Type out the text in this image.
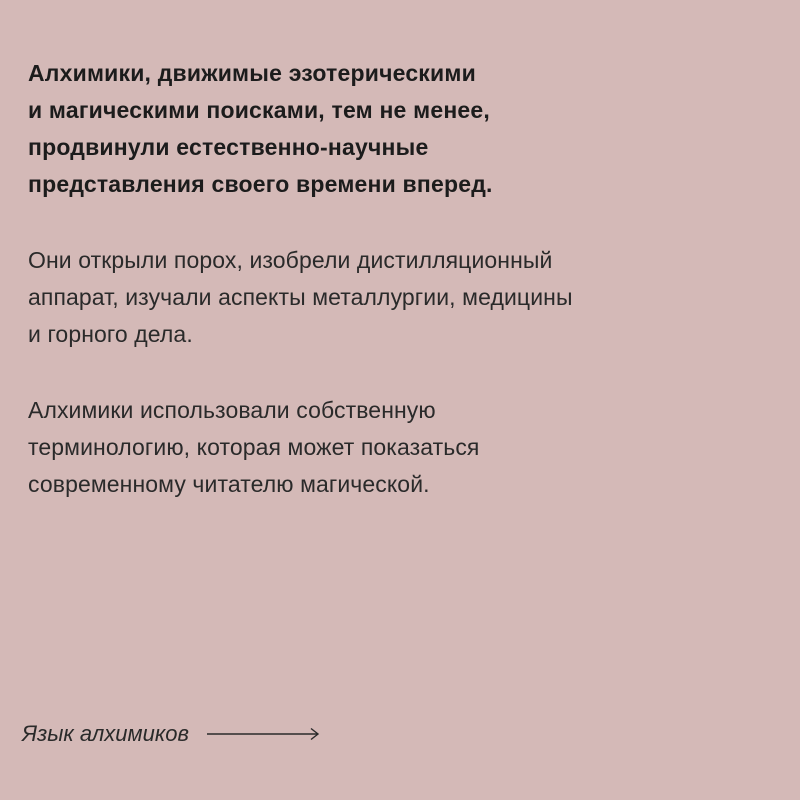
Алхимики, движимые эзотерическими
и магическими поисками, тем не менее,
продвинули естественно-научные
представления своего времени вперед.

Они открыли порох, изобрели дистилляционный
аппарат, изучали аспекты металлургии, медицины
и горного дела.

Алхимики использовали собственную
терминологию, которая может показаться
современному читателю магической.

Язык алхимиков
